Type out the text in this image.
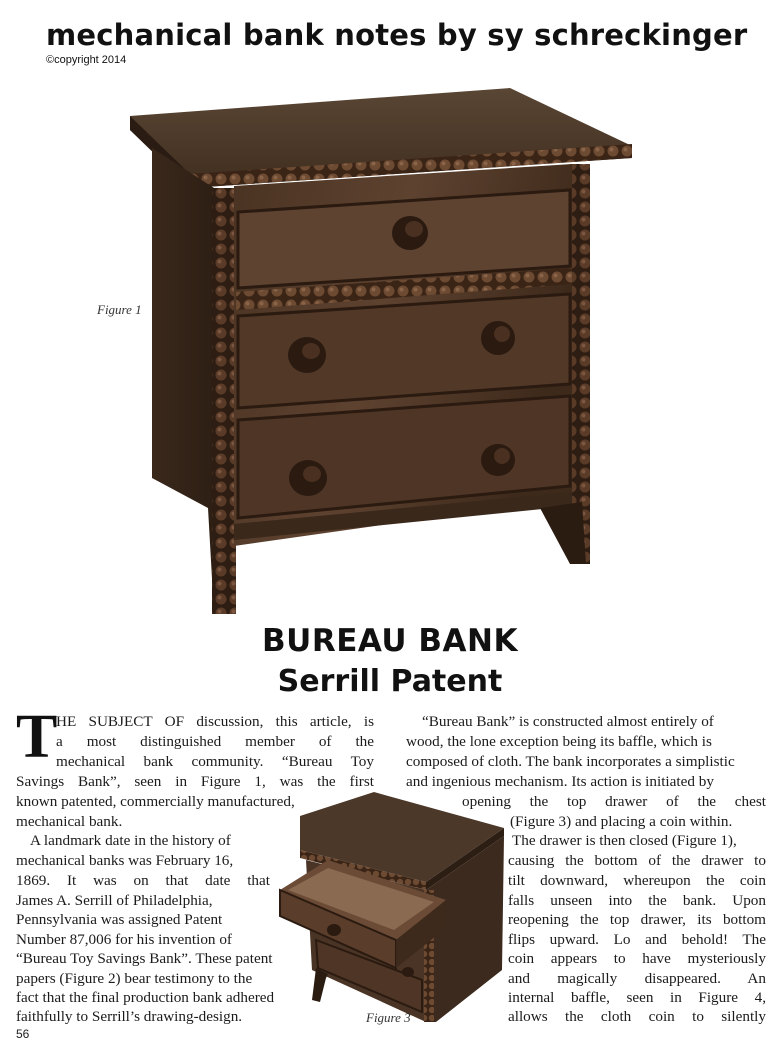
mechanical bank notes by sy schreckinger
©copyright 2014
Figure 1
BUREAU BANK
Serrill Patent
T
HE SUBJECT OF discussion, this article, is
a most distinguished member of the
mechanical bank community. “Bureau Toy
Savings Bank”, seen in Figure 1, was the first
known patented, commercially manufactured,
mechanical bank.
A landmark date in the history of
mechanical banks was February 16,
1869. It was on that date that
James A. Serrill of Philadelphia,
Pennsylvania was assigned Patent
Number 87,006 for his invention of
“Bureau Toy Savings Bank”. These patent
papers (Figure 2) bear testimony to the
fact that the final production bank adhered
faithfully to Serrill’s drawing-design.	Figure 3
“Bureau Bank” is constructed almost entirely of
wood, the lone exception being its baffle, which is
composed of cloth. The bank incorporates a simplistic
and ingenious mechanism. Its action is initiated by
opening the top drawer of the chest
(Figure 3) and placing a coin within.
The drawer is then closed (Figure 1),
causing the bottom of the drawer to
tilt downward, whereupon the coin
falls unseen into the bank. Upon
reopening the top drawer, its bottom
flips upward. Lo and behold! The
coin appears to have mysteriously
and magically disappeared. An
internal baffle, seen in Figure 4,
allows the cloth coin to silently
56
